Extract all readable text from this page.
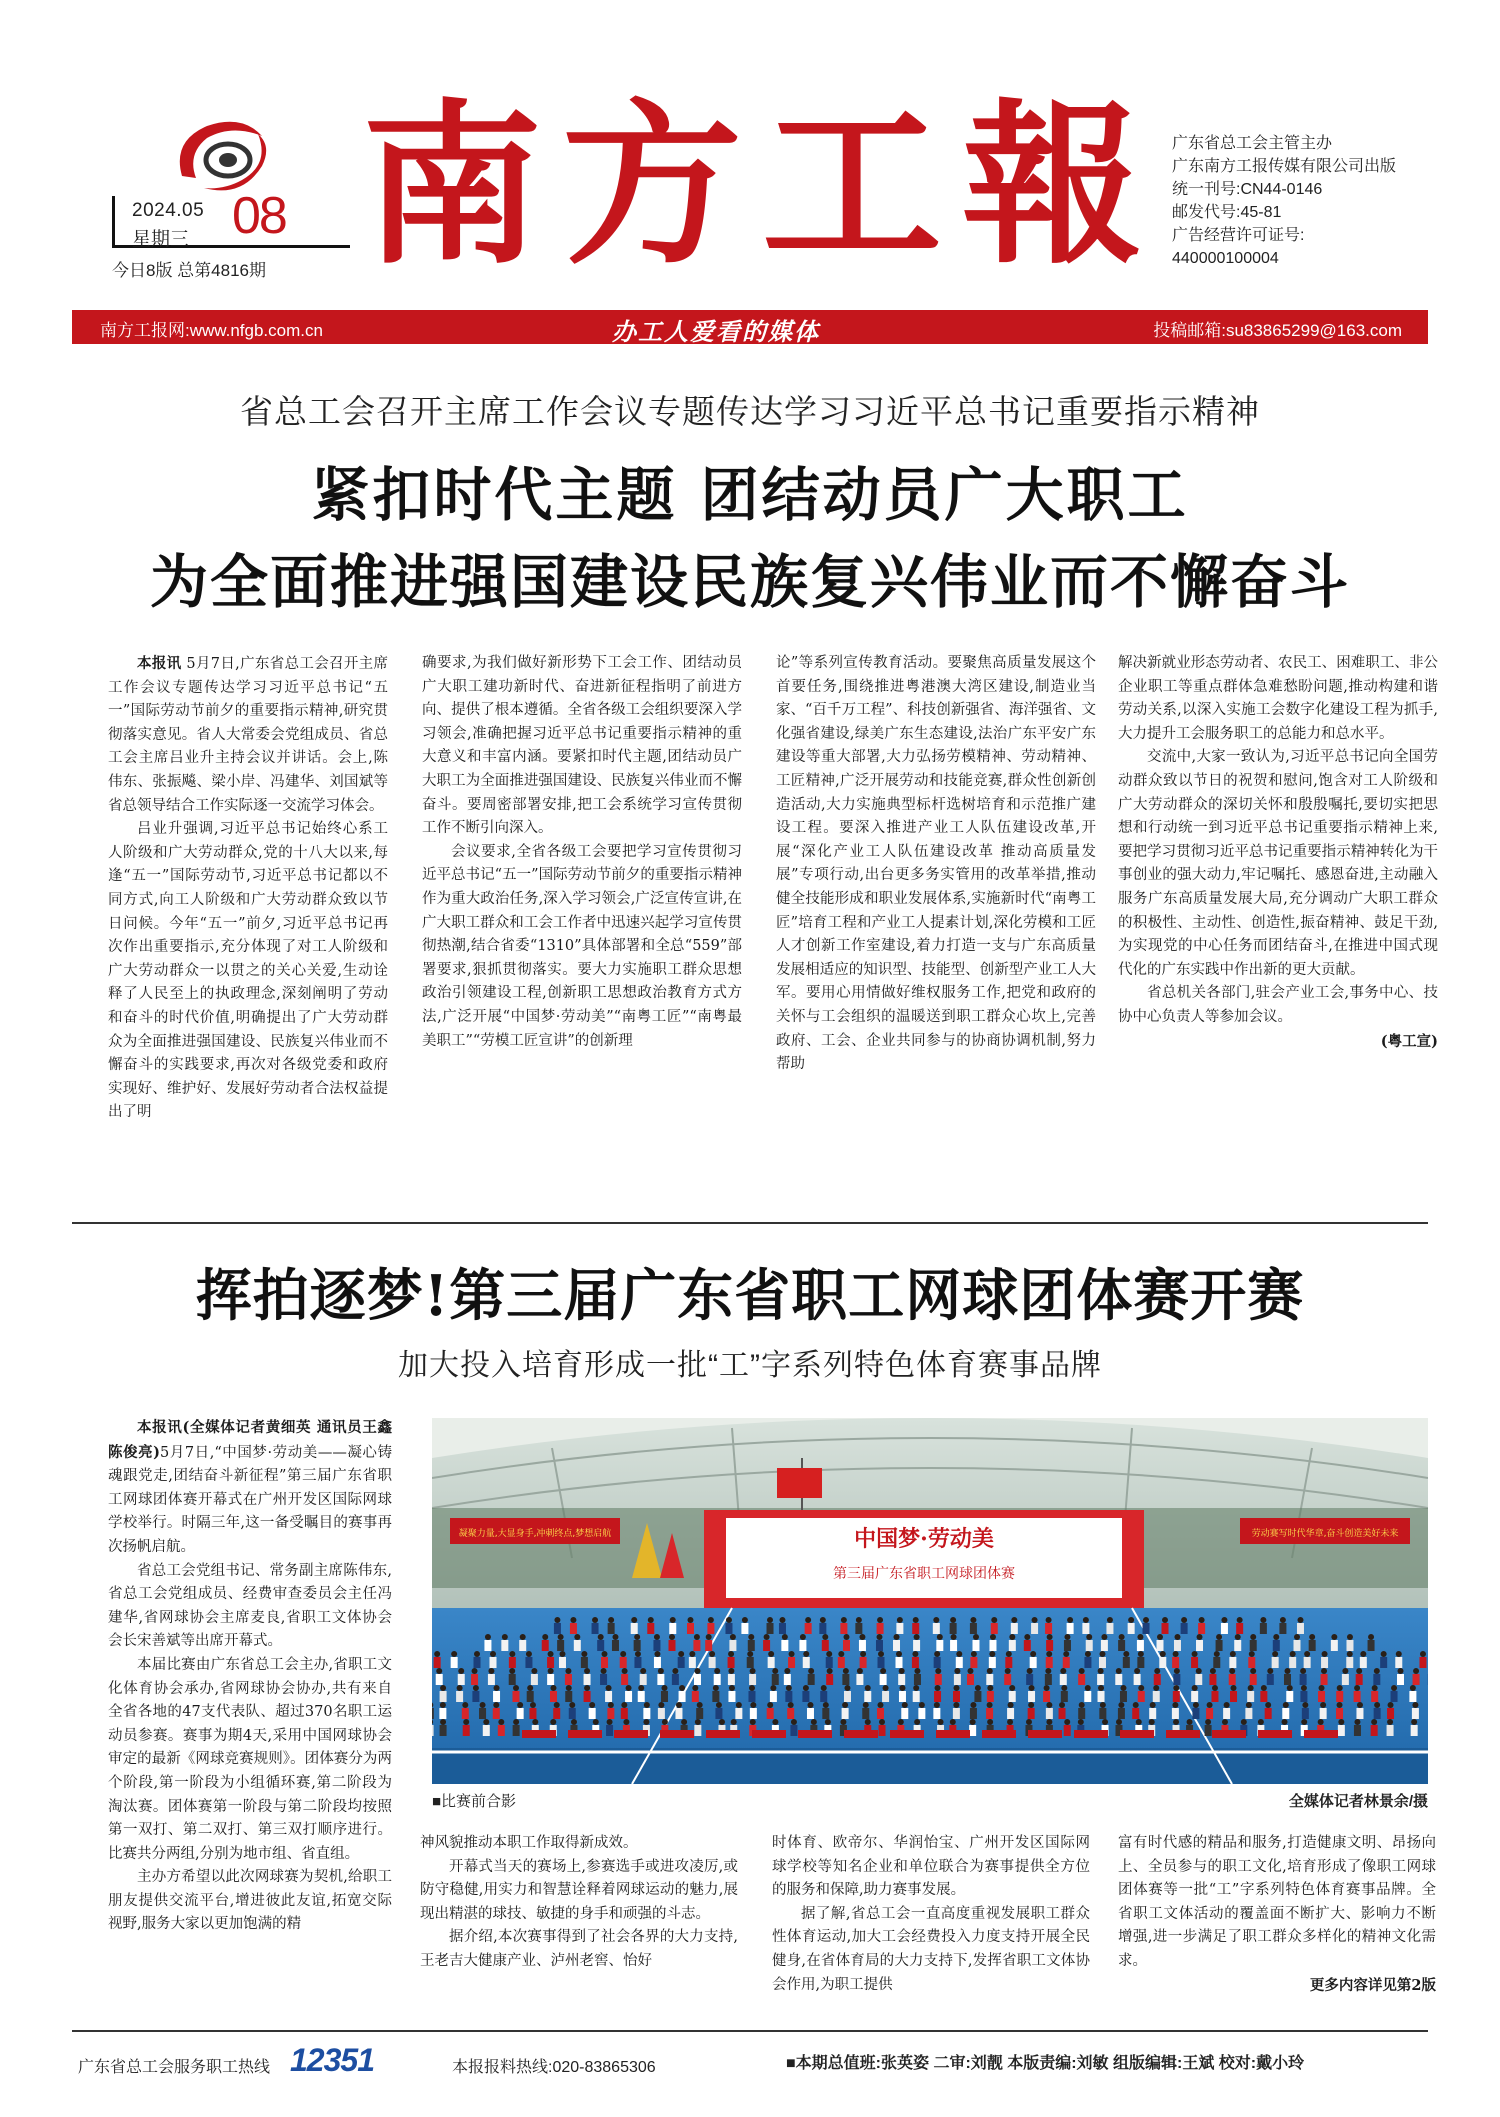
2024.05
星期三 08
今日8版 总第4816期 南方工報 广东省总工会主管主办
广东南方工报传媒有限公司出版
统一刊号:CN44-0146
邮发代号:45-81
广告经营许可证号:
440000100004
南方工报网:www.nfgb.com.cn	办工人爱看的媒体	投稿邮箱:su83865299@163.com
省总工会召开主席工作会议专题传达学习习近平总书记重要指示精神
紧扣时代主题 团结动员广大职工
为全面推进强国建设民族复兴伟业而不懈奋斗

本报讯 5月7日,广东省总工会召开主席工作会议专题传达学习习近平总书记“五一”国际劳动节前夕的重要指示精神,研究贯彻落实意见。省人大常委会党组成员、省总工会主席吕业升主持会议并讲话。会上,陈伟东、张振飚、梁小岸、冯建华、刘国斌等省总领导结合工作实际逐一交流学习体会。

吕业升强调,习近平总书记始终心系工人阶级和广大劳动群众,党的十八大以来,每逢“五一”国际劳动节,习近平总书记都以不同方式,向工人阶级和广大劳动群众致以节日问候。今年“五一”前夕,习近平总书记再次作出重要指示,充分体现了对工人阶级和广大劳动群众一以贯之的关心关爱,生动诠释了人民至上的执政理念,深刻阐明了劳动和奋斗的时代价值,明确提出了广大劳动群众为全面推进强国建设、民族复兴伟业而不懈奋斗的实践要求,再次对各级党委和政府实现好、维护好、发展好劳动者合法权益提出了明

确要求,为我们做好新形势下工会工作、团结动员广大职工建功新时代、奋进新征程指明了前进方向、提供了根本遵循。全省各级工会组织要深入学习领会,准确把握习近平总书记重要指示精神的重大意义和丰富内涵。要紧扣时代主题,团结动员广大职工为全面推进强国建设、民族复兴伟业而不懈奋斗。要周密部署安排,把工会系统学习宣传贯彻工作不断引向深入。

会议要求,全省各级工会要把学习宣传贯彻习近平总书记“五一”国际劳动节前夕的重要指示精神作为重大政治任务,深入学习领会,广泛宣传宣讲,在广大职工群众和工会工作者中迅速兴起学习宣传贯彻热潮,结合省委“1310”具体部署和全总“559”部署要求,狠抓贯彻落实。要大力实施职工群众思想政治引领建设工程,创新职工思想政治教育方式方法,广泛开展“中国梦·劳动美”“南粤工匠”“南粤最美职工”“劳模工匠宣讲”的创新理

论”等系列宣传教育活动。要聚焦高质量发展这个首要任务,围绕推进粤港澳大湾区建设,制造业当家、“百千万工程”、科技创新强省、海洋强省、文化强省建设,绿美广东生态建设,法治广东平安广东建设等重大部署,大力弘扬劳模精神、劳动精神、工匠精神,广泛开展劳动和技能竞赛,群众性创新创造活动,大力实施典型标杆选树培育和示范推广建设工程。要深入推进产业工人队伍建设改革,开展“深化产业工人队伍建设改革 推动高质量发展”专项行动,出台更多务实管用的改革举措,推动健全技能形成和职业发展体系,实施新时代“南粤工匠”培育工程和产业工人提素计划,深化劳模和工匠人才创新工作室建设,着力打造一支与广东高质量发展相适应的知识型、技能型、创新型产业工人大军。要用心用情做好维权服务工作,把党和政府的关怀与工会组织的温暖送到职工群众心坎上,完善政府、工会、企业共同参与的协商协调机制,努力帮助

解决新就业形态劳动者、农民工、困难职工、非公企业职工等重点群体急难愁盼问题,推动构建和谐劳动关系,以深入实施工会数字化建设工程为抓手,大力提升工会服务职工的总能力和总水平。

交流中,大家一致认为,习近平总书记向全国劳动群众致以节日的祝贺和慰问,饱含对工人阶级和广大劳动群众的深切关怀和殷殷嘱托,要切实把思想和行动统一到习近平总书记重要指示精神上来,要把学习贯彻习近平总书记重要指示精神转化为干事创业的强大动力,牢记嘱托、感恩奋进,主动融入服务广东高质量发展大局,充分调动广大职工群众的积极性、主动性、创造性,振奋精神、鼓足干劲,为实现党的中心任务而团结奋斗,在推进中国式现代化的广东实践中作出新的更大贡献。

省总机关各部门,驻会产业工会,事务中心、技协中心负责人等参加会议。

(粤工宣)

挥拍逐梦!第三届广东省职工网球团体赛开赛
加大投入培育形成一批“工”字系列特色体育赛事品牌

本报讯(全媒体记者黄细英 通讯员王鑫 陈俊亮)5月7日,“中国梦·劳动美——凝心铸魂跟党走,团结奋斗新征程”第三届广东省职工网球团体赛开幕式在广州开发区国际网球学校举行。时隔三年,这一备受瞩目的赛事再次扬帆启航。

省总工会党组书记、常务副主席陈伟东,省总工会党组成员、经费审查委员会主任冯建华,省网球协会主席麦良,省职工文体协会会长宋善斌等出席开幕式。

本届比赛由广东省总工会主办,省职工文化体育协会承办,省网球协会协办,共有来自全省各地的47支代表队、超过370名职工运动员参赛。赛事为期4天,采用中国网球协会审定的最新《网球竞赛规则》。团体赛分为两个阶段,第一阶段为小组循环赛,第二阶段为淘汰赛。团体赛第一阶段与第二阶段均按照第一双打、第二双打、第三双打顺序进行。比赛共分两组,分别为地市组、省直组。

主办方希望以此次网球赛为契机,给职工朋友提供交流平台,增进彼此友谊,拓宽交际视野,服务大家以更加饱满的精

中国梦·劳动美
第三届广东省职工网球团体赛
凝聚力量,大显身手,冲刺终点,梦想启航	劳动赛写时代华章,奋斗创造美好未来
■比赛前合影	全媒体记者林景余/摄

神风貌推动本职工作取得新成效。

开幕式当天的赛场上,参赛选手或进攻凌厉,或防守稳健,用实力和智慧诠释着网球运动的魅力,展现出精湛的球技、敏捷的身手和顽强的斗志。

据介绍,本次赛事得到了社会各界的大力支持,王老吉大健康产业、泸州老窖、怡好

时体育、欧帝尔、华润怡宝、广州开发区国际网球学校等知名企业和单位联合为赛事提供全方位的服务和保障,助力赛事发展。

据了解,省总工会一直高度重视发展职工群众性体育运动,加大工会经费投入力度支持开展全民健身,在省体育局的大力支持下,发挥省职工文体协会作用,为职工提供

富有时代感的精品和服务,打造健康文明、昂扬向上、全员参与的职工文化,培育形成了像职工网球团体赛等一批“工”字系列特色体育赛事品牌。全省职工文体活动的覆盖面不断扩大、影响力不断增强,进一步满足了职工群众多样化的精神文化需求。

更多内容详见第2版

广东省总工会服务职工热线 12351	本报报料热线:020-83865306	■本期总值班:张英姿 二审:刘靓 本版责编:刘敏 组版编辑:王斌 校对:戴小玲
